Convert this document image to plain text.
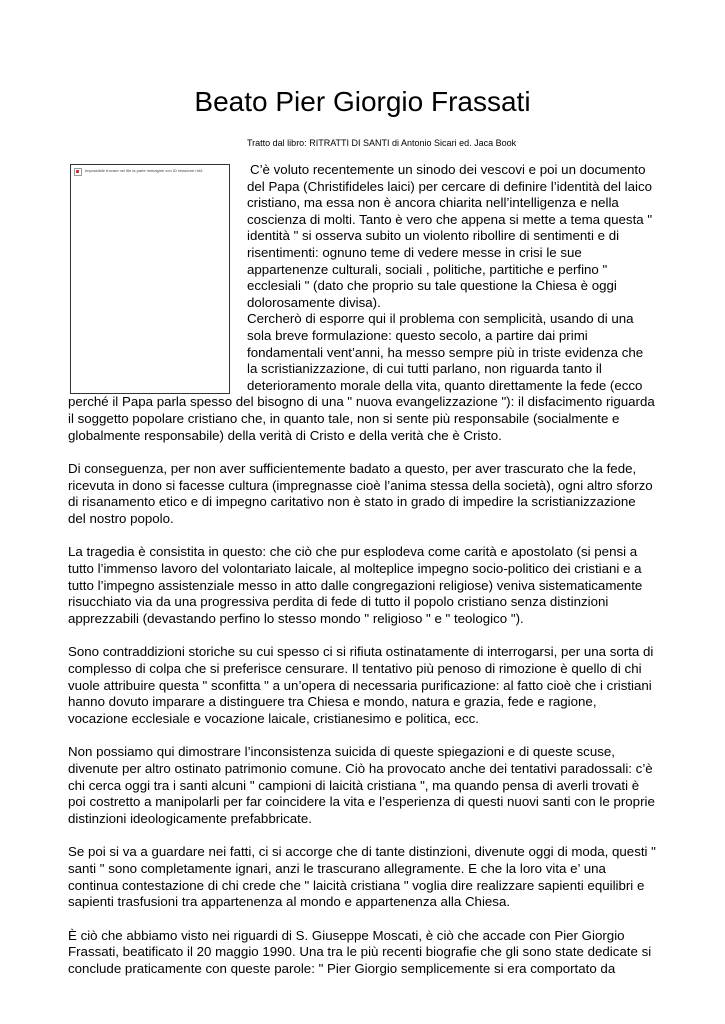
Beato Pier Giorgio Frassati
Tratto dal libro: RITRATTI DI SANTI di Antonio Sicari ed. Jaca Book
Impossibile trovare nel file la parte immagine con ID relazione rId4.	C’è voluto recentemente un sinodo dei vescovi e poi un documento del Papa (Christifideles laici) per cercare di definire l’identità del laico cristiano, ma essa non è ancora chiarita nell’intelligenza e nella coscienza di molti. Tanto è vero che appena si mette a tema questa " identità " si osserva subito un violento ribollire di sentimenti e di risentimenti: ognuno teme di vedere messe in crisi le sue appartenenze culturali, sociali , politiche, partitiche e perfino " ecclesiali " (dato che proprio su tale questione la Chiesa è oggi dolorosamente divisa).

Cercherò di esporre qui il problema con semplicità, usando di una sola breve formulazione: questo secolo, a partire dai primi fondamentali vent’anni, ha messo sempre più in triste evidenza che la scristianizzazione, di cui tutti parlano, non riguarda tanto il deterioramento morale della vita, quanto direttamente la fede (ecco perché il Papa parla spesso del bisogno di una " nuova evangelizzazione "): il disfacimento riguarda il soggetto popolare cristiano che, in quanto tale, non si sente più responsabile (socialmente e globalmente responsabile) della verità di Cristo e della verità che è Cristo.

Di conseguenza, per non aver sufficientemente badato a questo, per aver trascurato che la fede, ricevuta in dono si facesse cultura (impregnasse cioè l’anima stessa della società), ogni altro sforzo di risanamento etico e di impegno caritativo non è stato in grado di impedire la scristianizzazione del nostro popolo.

La tragedia è consistita in questo: che ciò che pur esplodeva come carità e apostolato (si pensi a tutto l’immenso lavoro del volontariato laicale, al molteplice impegno socio-politico dei cristiani e a tutto l’impegno assistenziale messo in atto dalle congregazioni religiose) veniva sistematicamente risucchiato via da una progressiva perdita di fede di tutto il popolo cristiano senza distinzioni apprezzabili (devastando perfino lo stesso mondo " religioso " e " teologico ").

Sono contraddizioni storiche su cui spesso ci si rifiuta ostinatamente di interrogarsi, per una sorta di complesso di colpa che si preferisce censurare. Il tentativo più penoso di rimozione è quello di chi vuole attribuire questa " sconfitta " a un’opera di necessaria purificazione: al fatto cioè che i cristiani hanno dovuto imparare a distinguere tra Chiesa e mondo, natura e grazia, fede e ragione, vocazione ecclesiale e vocazione laicale, cristianesimo e politica, ecc.

Non possiamo qui dimostrare l’inconsistenza suicida di queste spiegazioni e di queste scuse, divenute per altro ostinato patrimonio comune. Ciò ha provocato anche dei tentativi paradossali: c’è chi cerca oggi tra i santi alcuni " campioni di laicità cristiana ", ma quando pensa di averli trovati è poi costretto a manipolarli per far coincidere la vita e l’esperienza di questi nuovi santi con le proprie distinzioni ideologicamente prefabbricate.

Se poi si va a guardare nei fatti, ci si accorge che di tante distinzioni, divenute oggi di moda, questi " santi " sono completamente ignari, anzi le trascurano allegramente. E che la loro vita e’ una continua contestazione di chi crede che " laicità cristiana " voglia dire realizzare sapienti equilibri e sapienti trasfusioni tra appartenenza al mondo e appartenenza alla Chiesa.

È ciò che abbiamo visto nei riguardi di S. Giuseppe Moscati, è ciò che accade con Pier Giorgio Frassati, beatificato il 20 maggio 1990. Una tra le più recenti biografie che gli sono state dedicate si conclude praticamente con queste parole: " Pier Giorgio semplicemente si era comportato da
